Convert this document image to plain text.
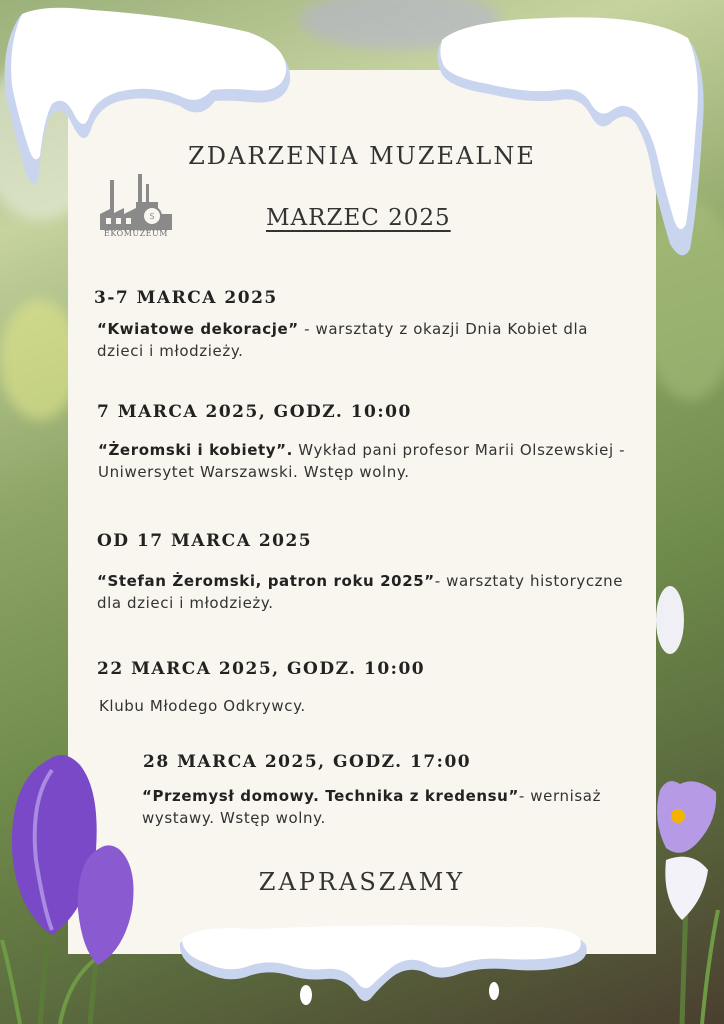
ZDARZENIA MUZEALNE
S
EKOMUZEUM
MARZEC 2025
3-7 MARCA 2025
“Kwiatowe dekoracje” - warsztaty z okazji Dnia Kobiet dla dzieci i młodzieży.
7 MARCA 2025, GODZ. 10:00
“Żeromski i kobiety”. Wykład pani profesor Marii Olszewskiej - Uniwersytet Warszawski. Wstęp wolny.
OD 17 MARCA 2025
“Stefan Żeromski, patron roku 2025”- warsztaty historyczne dla dzieci i młodzieży.
22 MARCA 2025, GODZ. 10:00
Klubu Młodego Odkrywcy.
28 MARCA 2025, GODZ. 17:00
“Przemysł domowy. Technika z kredensu”- wernisaż wystawy. Wstęp wolny.
ZAPRASZAMY
